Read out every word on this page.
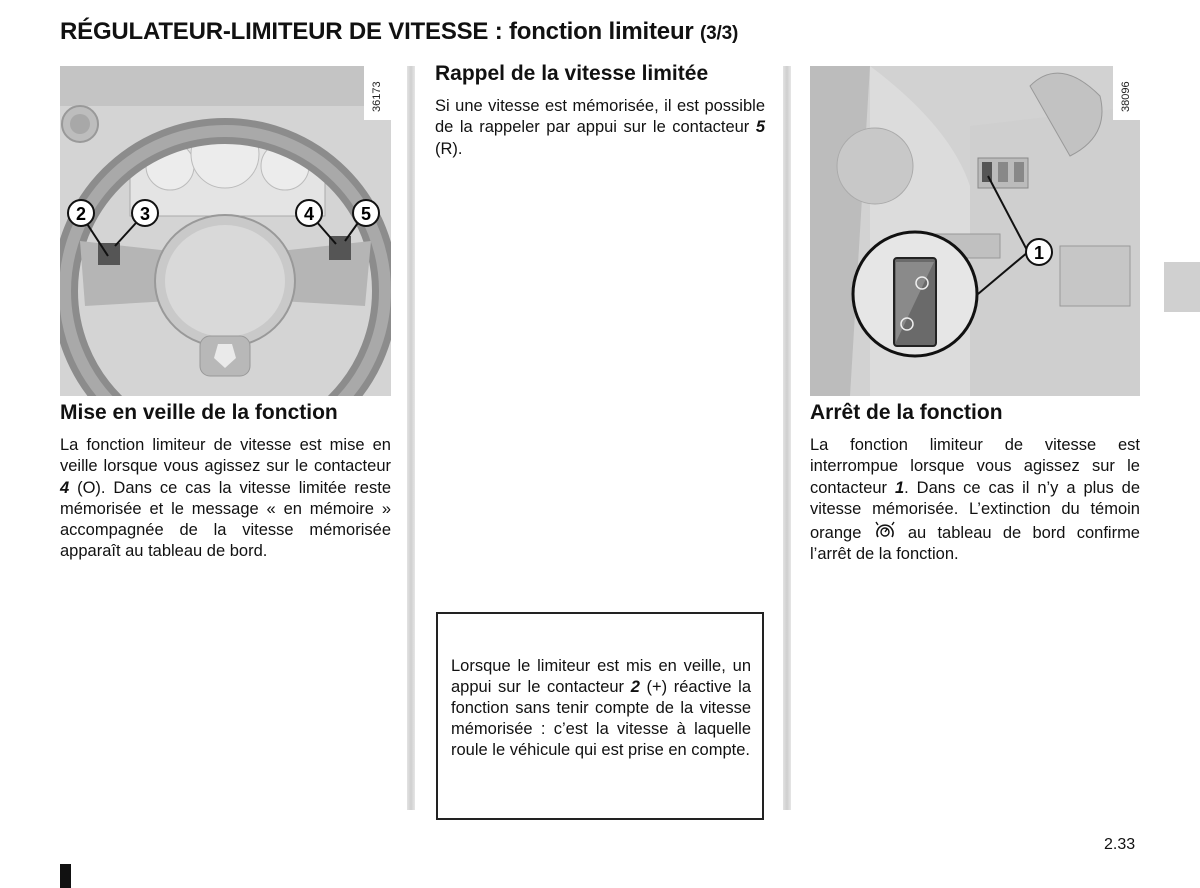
RÉGULATEUR-LIMITEUR DE VITESSE : fonction limiteur (3/3)
2	3	4	5
36173
Mise en veille de la fonction

La fonction limiteur de vitesse est mise en veille lorsque vous agissez sur le contacteur 4 (O). Dans ce cas la vitesse limitée reste mémorisée et le message « en mémoire » accompagnée de la vitesse mémorisée apparaît au tableau de bord.

Rappel de la vitesse limitée

Si une vitesse est mémorisée, il est possible de la rappeler par appui sur le contacteur 5 (R).

Lorsque le limiteur est mis en veille, un appui sur le contacteur 2 (+) réactive la fonction sans tenir compte de la vitesse mémorisée : c’est la vitesse à laquelle roule le véhicule qui est prise en compte.

1
38096
Arrêt de la fonction

La fonction limiteur de vitesse est interrompue lorsque vous agissez sur le contacteur 1. Dans ce cas il n’y a plus de vitesse mémorisée. L’extinction du témoin orange  au tableau de bord confirme l’arrêt de la fonction.

2.33
